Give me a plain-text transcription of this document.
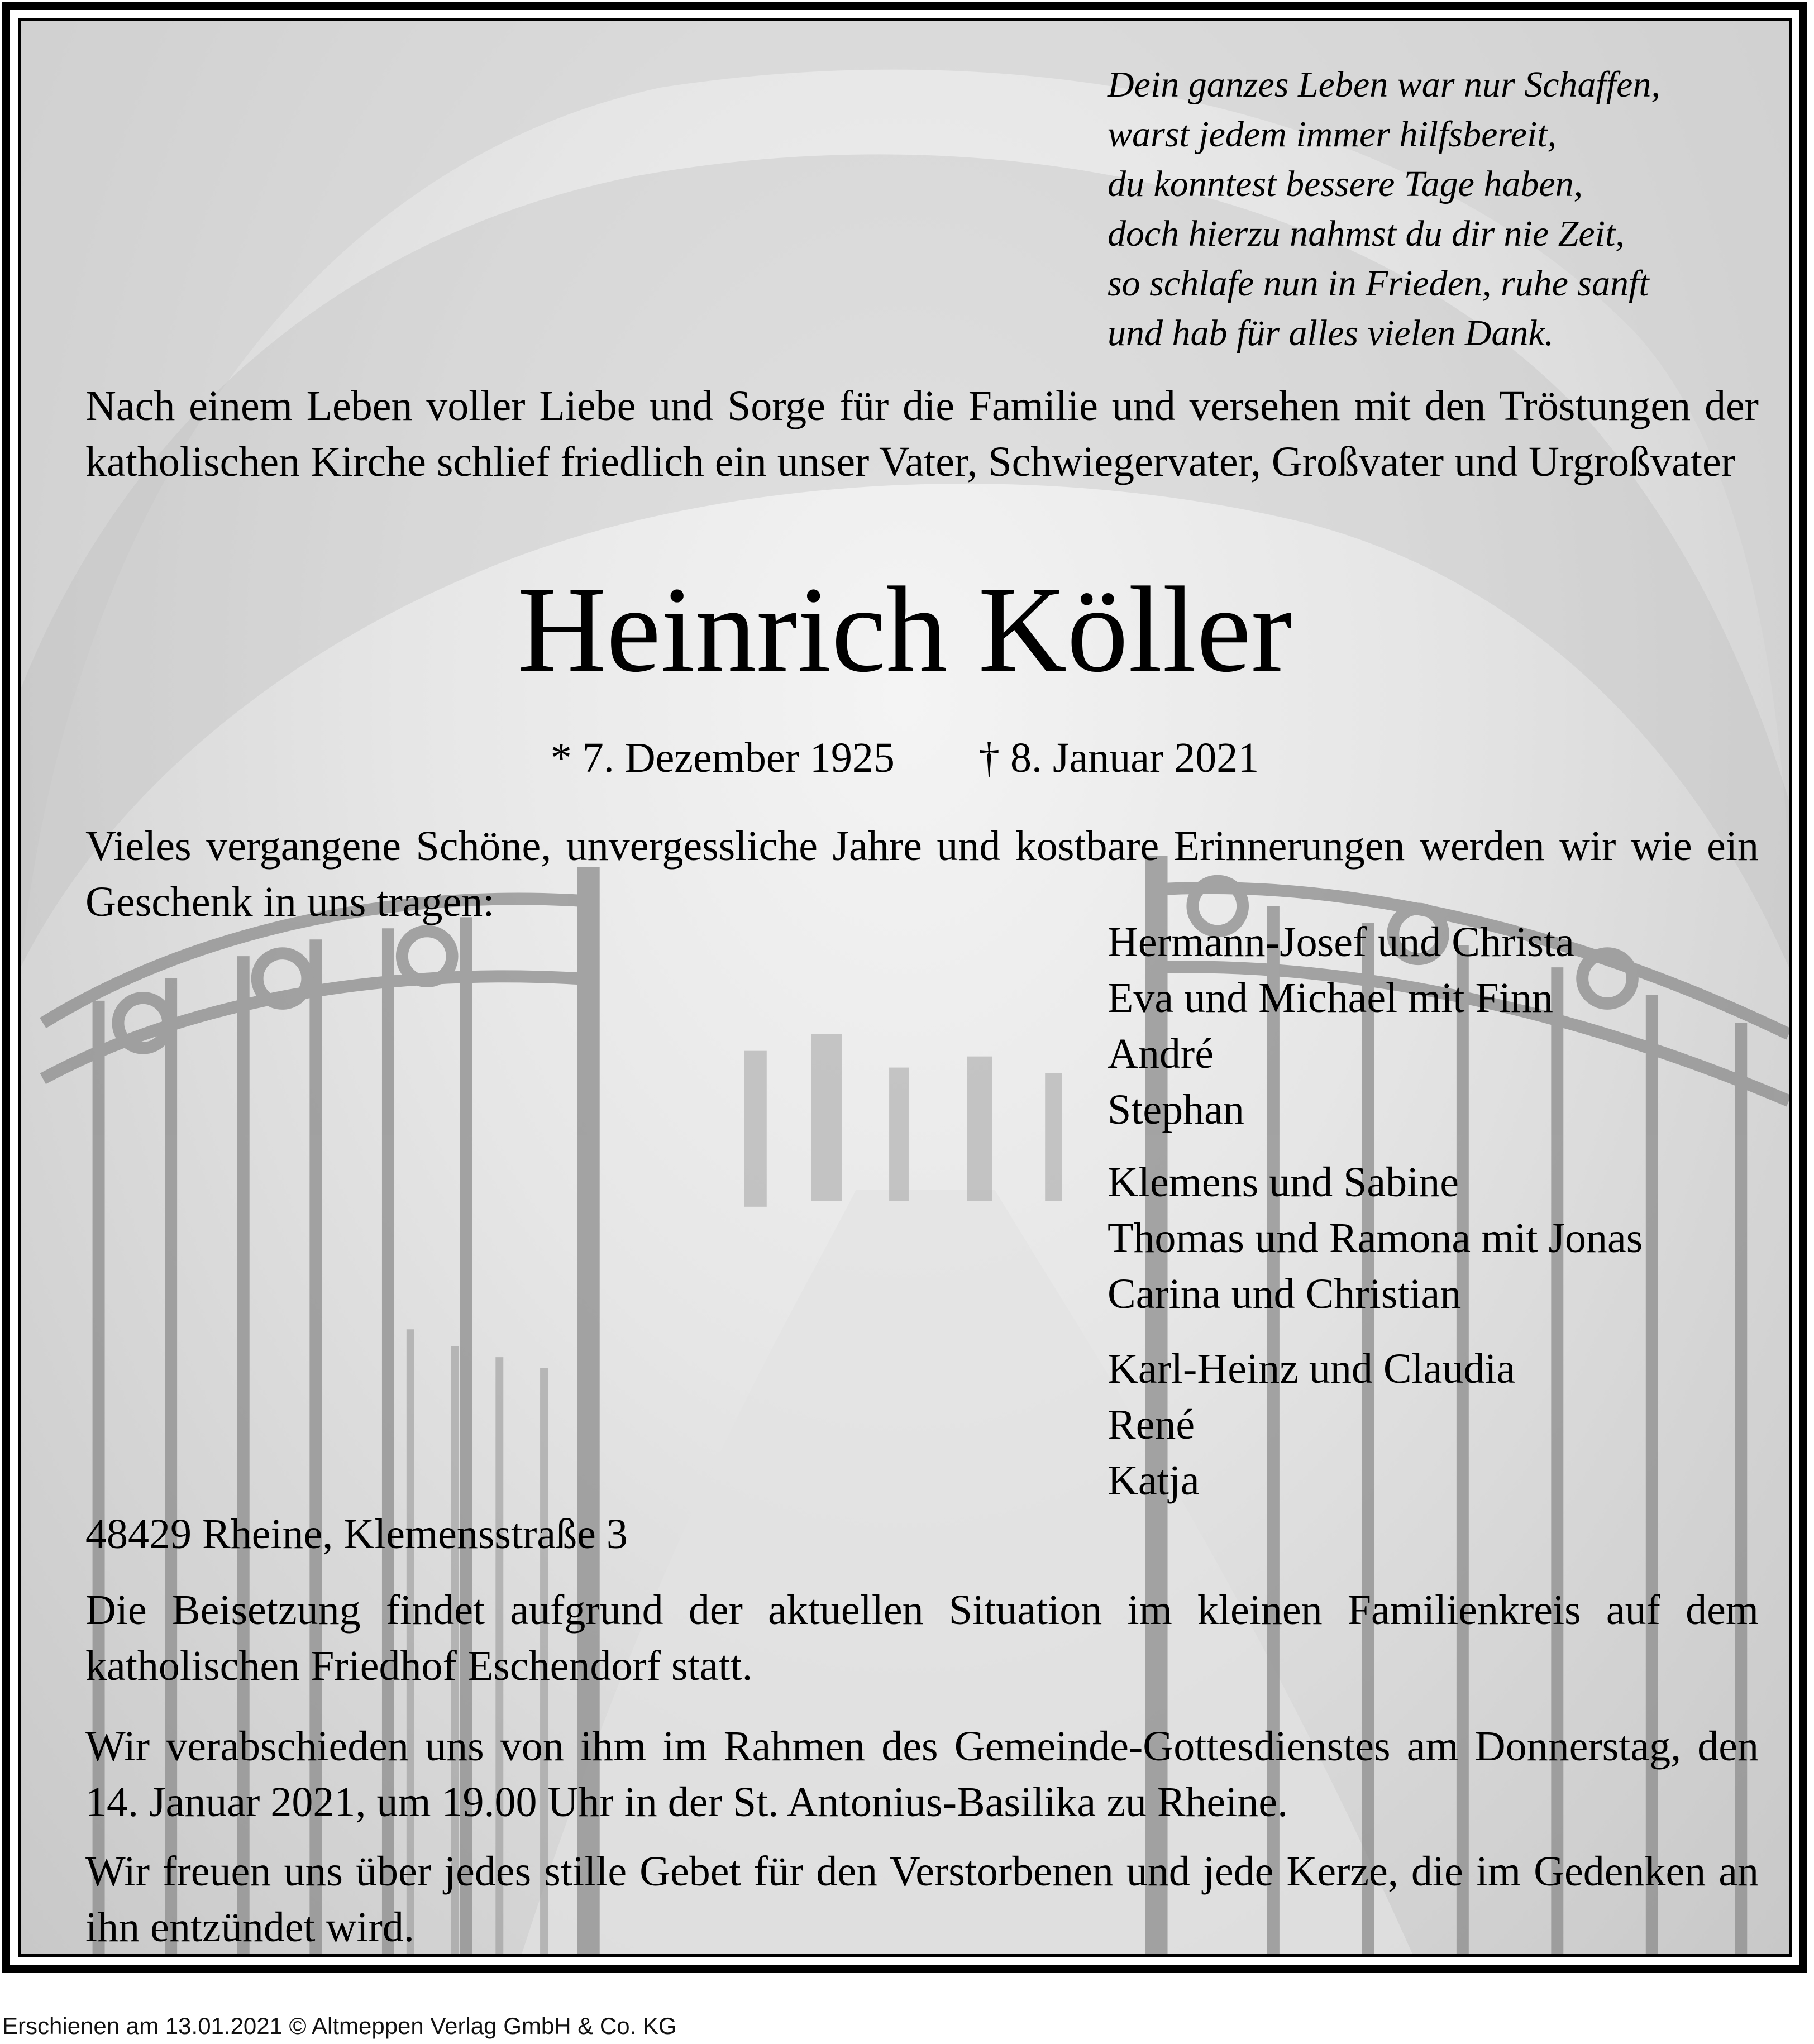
Dein ganzes Leben war nur Schaffen,
warst jedem immer hilfsbereit,
du konntest bessere Tage haben,
doch hierzu nahmst du dir nie Zeit,
so schlafe nun in Frieden, ruhe sanft
und hab für alles vielen Dank.
Nach einem Leben voller Liebe und Sorge für die Familie und versehen mit den Tröstungen der katholischen Kirche schlief friedlich ein unser Vater, Schwiegervater, Großvater und Urgroßvater
Heinrich Köller
* 7. Dezember 1925 † 8. Januar 2021
Vieles vergangene Schöne, unvergessliche Jahre und kostbare Erinnerungen werden wir wie ein Geschenk in uns tragen:
Hermann-Josef und Christa
Eva und Michael mit Finn
André
Stephan
Klemens und Sabine
Thomas und Ramona mit Jonas
Carina und Christian
Karl-Heinz und Claudia
René
Katja
48429 Rheine, Klemensstraße 3
Die Beisetzung findet aufgrund der aktuellen Situation im kleinen Familienkreis auf dem katholischen Friedhof Eschendorf statt.
Wir verabschieden uns von ihm im Rahmen des Gemeinde-Gottesdienstes am Donnerstag, den 14. Januar 2021, um 19.00 Uhr in der St. Antonius-Basilika zu Rheine.
Wir freuen uns über jedes stille Gebet für den Verstorbenen und jede Kerze, die im Gedenken an ihn entzündet wird.
Erschienen am 13.01.2021 © Altmeppen Verlag GmbH & Co. KG
